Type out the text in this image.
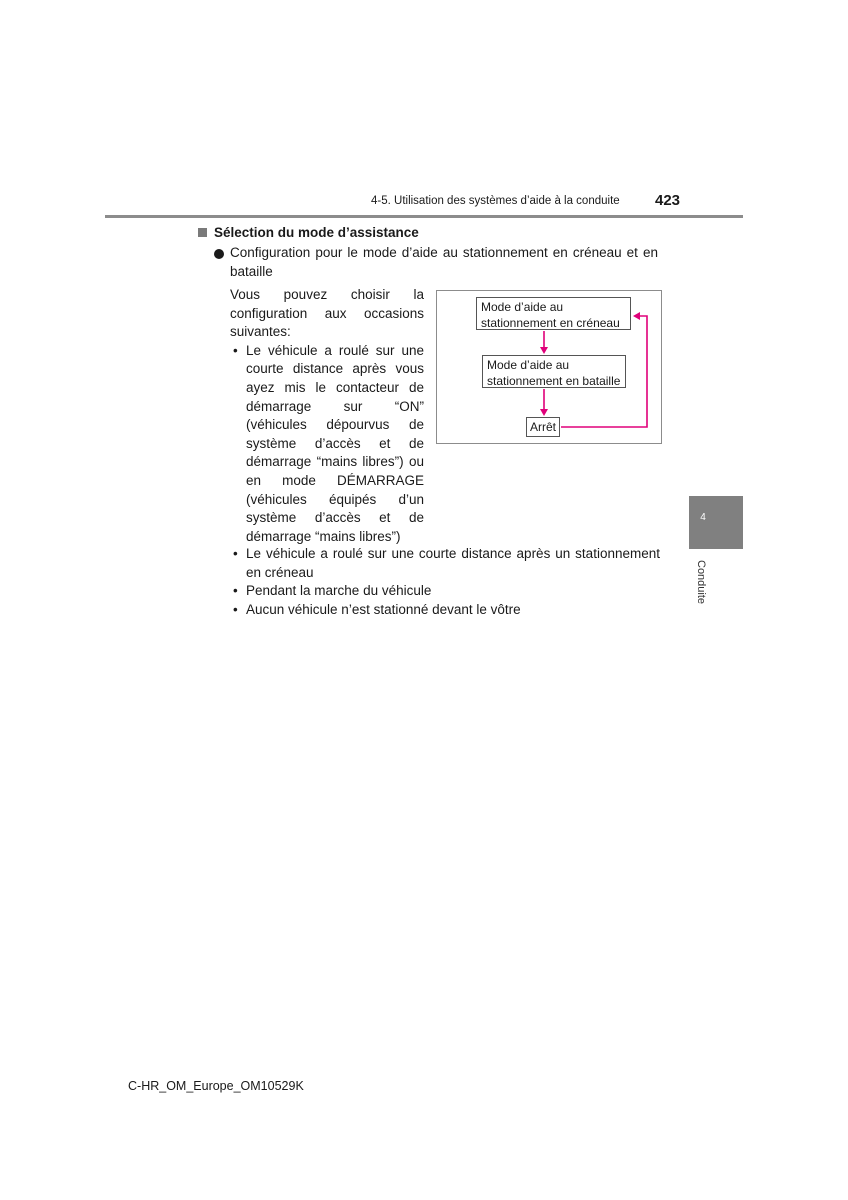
4-5. Utilisation des systèmes d’aide à la conduite 423
Sélection du mode d’assistance
Configuration pour le mode d’aide au stationnement en créneau et en bataille
Vous pouvez choisir la configuration aux occasions suivantes:
• Le véhicule a roulé sur une courte distance après vous ayez mis le contacteur de démarrage sur “ON” (véhicules dépourvus de système d’accès et de démarrage “mains libres”) ou en mode DÉMARRAGE (véhicules équipés d’un système d’accès et de démarrage “mains libres”)
• Le véhicule a roulé sur une courte distance après un stationnement en créneau
• Pendant la marche du véhicule
• Aucun véhicule n’est stationné devant le vôtre
Mode d’aide au stationnement en créneau
Mode d’aide au stationnement en bataille
Arrêt
4
Conduite
C-HR_OM_Europe_OM10529K
